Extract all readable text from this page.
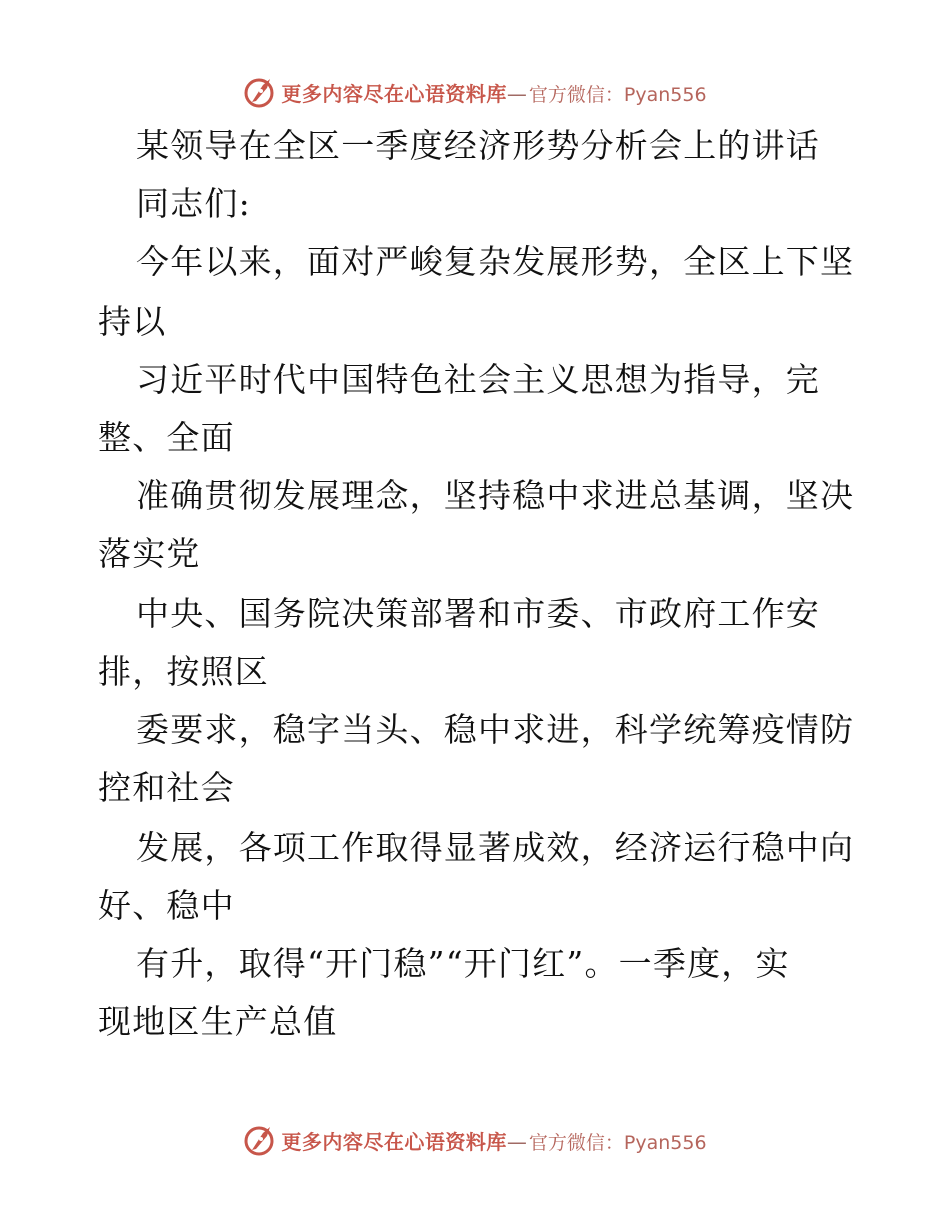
更多内容尽在心语资料库 — 官方微信：Pyan556
某领导在全区一季度经济形势分析会上的讲话
同志们:
今年以来，面对严峻复杂发展形势，全区上下坚
持以
习近平时代中国特色社会主义思想为指导，完
整、全面
准确贯彻发展理念，坚持稳中求进总基调，坚决
落实党
中央、国务院决策部署和市委、市政府工作安
排，按照区
委要求，稳字当头、稳中求进，科学统筹疫情防
控和社会
发展，各项工作取得显著成效，经济运行稳中向
好、稳中
有升，取得“开门稳”“开门红”。一季度，实
现地区生产总值
更多内容尽在心语资料库 — 官方微信：Pyan556
